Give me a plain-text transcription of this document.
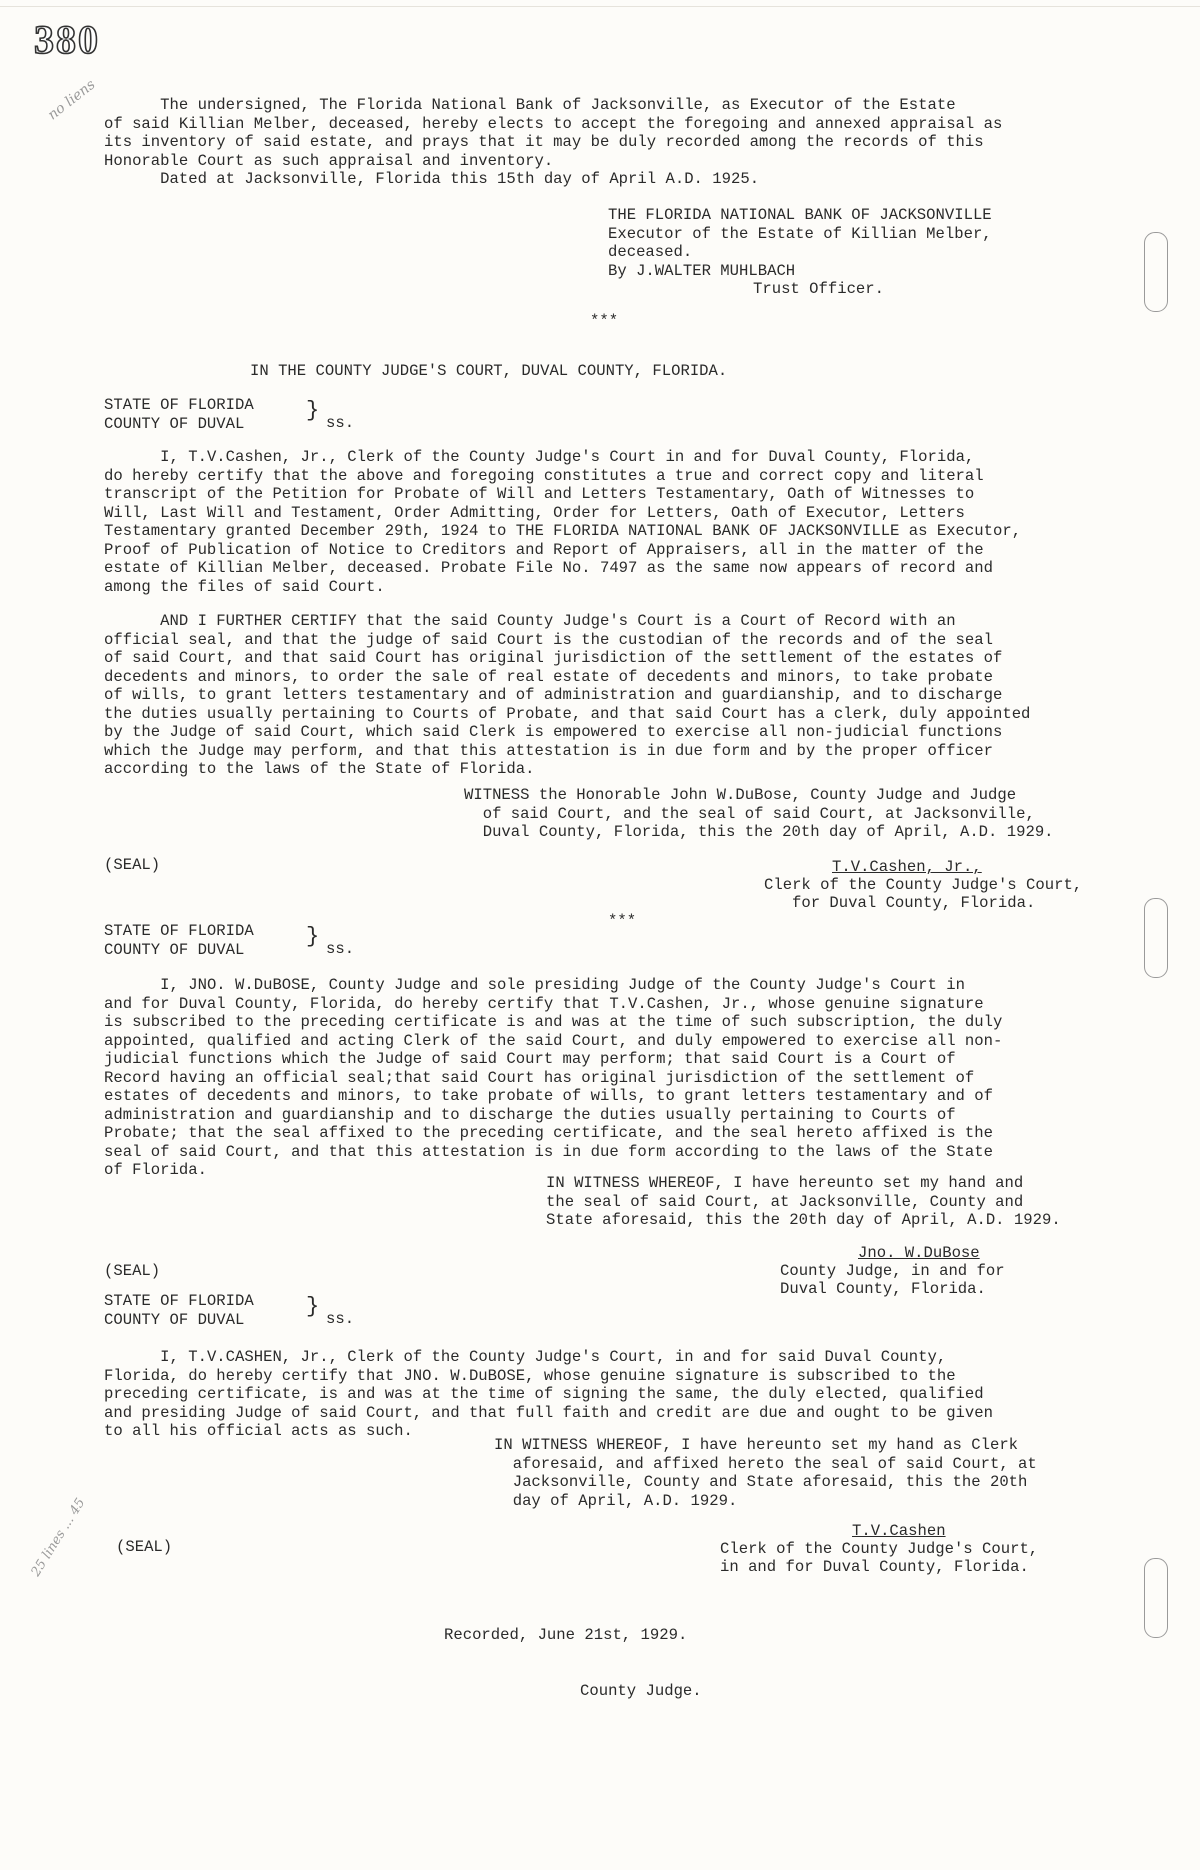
380
no liens
25 lines ... 45
The undersigned, The Florida National Bank of Jacksonville, as Executor of the Estate
of said Killian Melber, deceased, hereby elects to accept the foregoing and annexed appraisal as
its inventory of said estate, and prays that it may be duly recorded among the records of this
Honorable Court as such appraisal and inventory.
Dated at Jacksonville, Florida this 15th day of April A.D. 1925.
THE FLORIDA NATIONAL BANK OF JACKSONVILLE
Executor of the Estate of Killian Melber,
deceased.
By J.WALTER MUHLBACH
Trust Officer.
***
IN THE COUNTY JUDGE'S COURT, DUVAL COUNTY, FLORIDA.
STATE OF FLORIDA
COUNTY OF DUVAL
} ss.
I, T.V.Cashen, Jr., Clerk of the County Judge's Court in and for Duval County, Florida,
do hereby certify that the above and foregoing constitutes a true and correct copy and literal
transcript of the Petition for Probate of Will and Letters Testamentary, Oath of Witnesses to
Will, Last Will and Testament, Order Admitting, Order for Letters, Oath of Executor, Letters
Testamentary granted December 29th, 1924 to THE FLORIDA NATIONAL BANK OF JACKSONVILLE as Executor,
Proof of Publication of Notice to Creditors and Report of Appraisers, all in the matter of the
estate of Killian Melber, deceased. Probate File No. 7497 as the same now appears of record and
among the files of said Court.
AND I FURTHER CERTIFY that the said County Judge's Court is a Court of Record with an
official seal, and that the judge of said Court is the custodian of the records and of the seal
of said Court, and that said Court has original jurisdiction of the settlement of the estates of
decedents and minors, to order the sale of real estate of decedents and minors, to take probate
of wills, to grant letters testamentary and of administration and guardianship, and to discharge
the duties usually pertaining to Courts of Probate, and that said Court has a clerk, duly appointed
by the Judge of said Court, which said Clerk is empowered to exercise all non-judicial functions
which the Judge may perform, and that this attestation is in due form and by the proper officer
according to the laws of the State of Florida.
WITNESS the Honorable John W.DuBose, County Judge and Judge
of said Court, and the seal of said Court, at Jacksonville,
Duval County, Florida, this the 20th day of April, A.D. 1929.
(SEAL)	T.V.Cashen, Jr.,
Clerk of the County Judge's Court,
for Duval County, Florida.
***
STATE OF FLORIDA
COUNTY OF DUVAL
} ss.
I, JNO. W.DuBOSE, County Judge and sole presiding Judge of the County Judge's Court in
and for Duval County, Florida, do hereby certify that T.V.Cashen, Jr., whose genuine signature
is subscribed to the preceding certificate is and was at the time of such subscription, the duly
appointed, qualified and acting Clerk of the said Court, and duly empowered to exercise all non-
judicial functions which the Judge of said Court may perform; that said Court is a Court of
Record having an official seal;that said Court has original jurisdiction of the settlement of
estates of decedents and minors, to take probate of wills, to grant letters testamentary and of
administration and guardianship and to discharge the duties usually pertaining to Courts of
Probate; that the seal affixed to the preceding certificate, and the seal hereto affixed is the
seal of said Court, and that this attestation is in due form according to the laws of the State
of Florida.
IN WITNESS WHEREOF, I have hereunto set my hand and
the seal of said Court, at Jacksonville, County and
State aforesaid, this the 20th day of April, A.D. 1929.
Jno. W.DuBose
(SEAL)	County Judge, in and for
Duval County, Florida.
STATE OF FLORIDA
COUNTY OF DUVAL
} ss.
I, T.V.CASHEN, Jr., Clerk of the County Judge's Court, in and for said Duval County,
Florida, do hereby certify that JNO. W.DuBOSE, whose genuine signature is subscribed to the
preceding certificate, is and was at the time of signing the same, the duly elected, qualified
and presiding Judge of said Court, and that full faith and credit are due and ought to be given
to all his official acts as such.
IN WITNESS WHEREOF, I have hereunto set my hand as Clerk
aforesaid, and affixed hereto the seal of said Court, at
Jacksonville, County and State aforesaid, this the 20th
day of April, A.D. 1929.
T.V.Cashen
(SEAL)	Clerk of the County Judge's Court,
in and for Duval County, Florida.
Recorded, June 21st, 1929.
County Judge.
